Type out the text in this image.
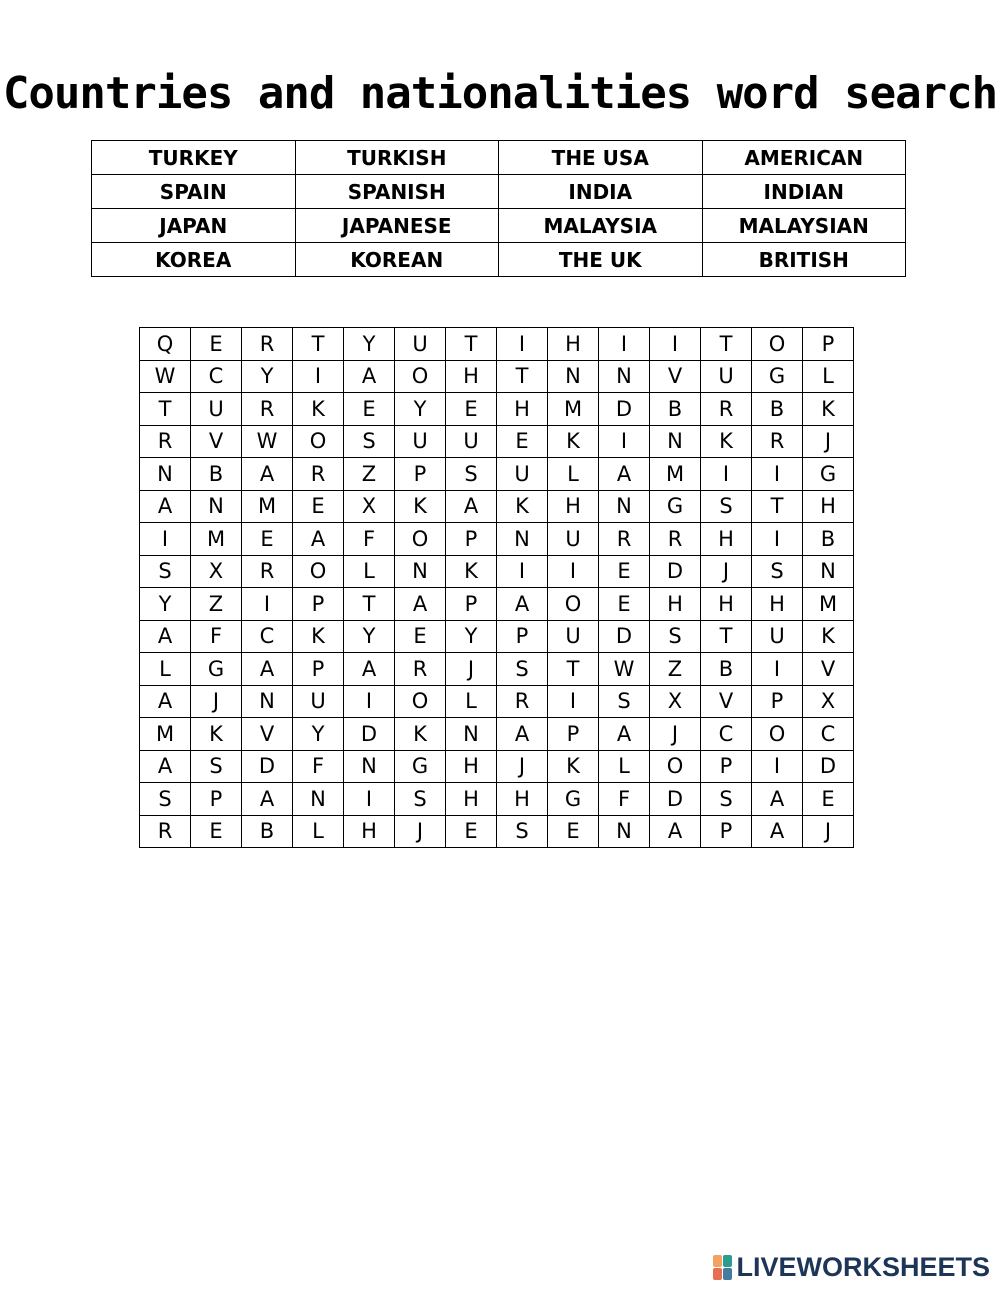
Countries and nationalities word search
TURKEY	TURKISH	THE USA	AMERICAN
SPAIN	SPANISH	INDIA	INDIAN
JAPAN	JAPANESE	MALAYSIA	MALAYSIAN
KOREA	KOREAN	THE UK	BRITISH
Q	E	R	T	Y	U	T	I	H	I	I	T	O	P
W	C	Y	I	A	O	H	T	N	N	V	U	G	L
T	U	R	K	E	Y	E	H	M	D	B	R	B	K
R	V	W	O	S	U	U	E	K	I	N	K	R	J
N	B	A	R	Z	P	S	U	L	A	M	I	I	G
A	N	M	E	X	K	A	K	H	N	G	S	T	H
I	M	E	A	F	O	P	N	U	R	R	H	I	B
S	X	R	O	L	N	K	I	I	E	D	J	S	N
Y	Z	I	P	T	A	P	A	O	E	H	H	H	M
A	F	C	K	Y	E	Y	P	U	D	S	T	U	K
L	G	A	P	A	R	J	S	T	W	Z	B	I	V
A	J	N	U	I	O	L	R	I	S	X	V	P	X
M	K	V	Y	D	K	N	A	P	A	J	C	O	C
A	S	D	F	N	G	H	J	K	L	O	P	I	D
S	P	A	N	I	S	H	H	G	F	D	S	A	E
R	E	B	L	H	J	E	S	E	N	A	P	A	J
LIVEWORKSHEETS
